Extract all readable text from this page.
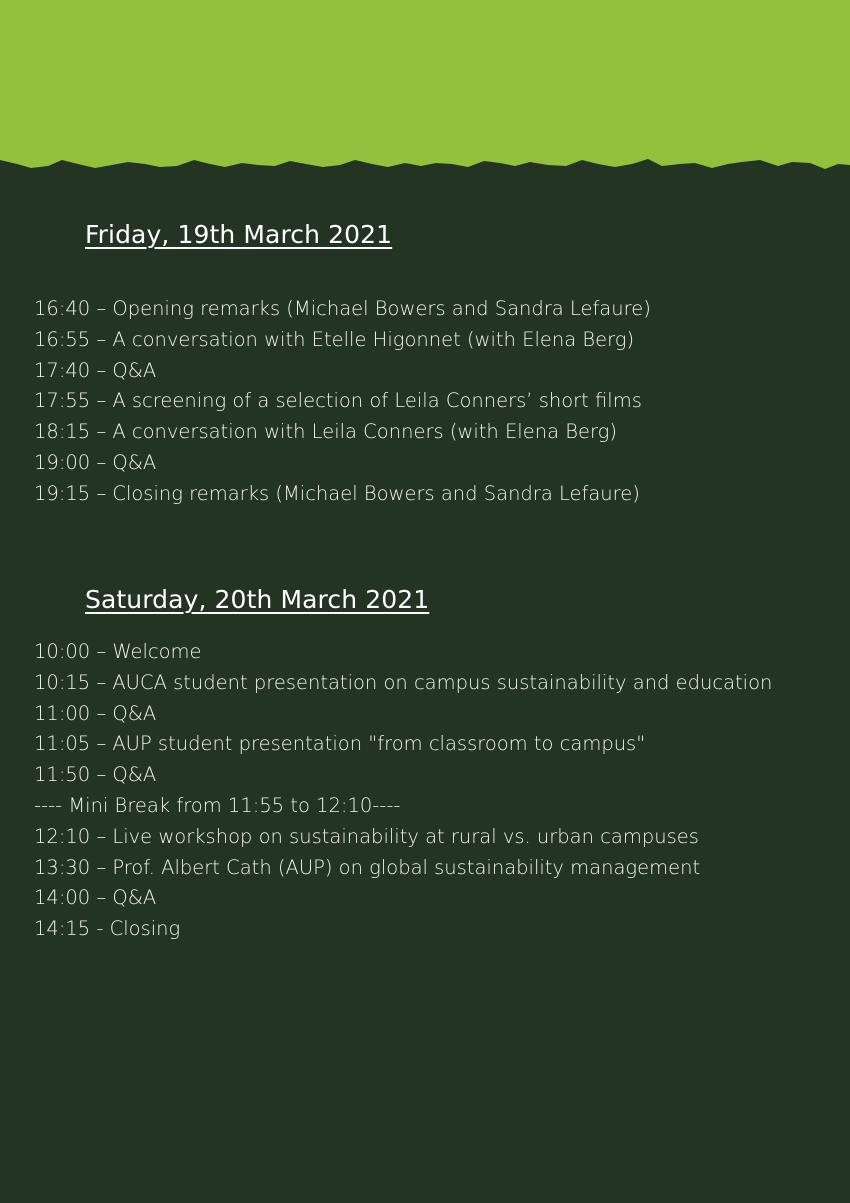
Friday, 19th March 2021
16:40 – Opening remarks (Michael Bowers and Sandra Lefaure)
16:55 – A conversation with Etelle Higonnet (with Elena Berg)
17:40 – Q&A
17:55 – A screening of a selection of Leila Conners’ short films
18:15 – A conversation with Leila Conners (with Elena Berg)
19:00 – Q&A
19:15 – Closing remarks (Michael Bowers and Sandra Lefaure)
Saturday, 20th March 2021
10:00 – Welcome
10:15 – AUCA student presentation on campus sustainability and education
11:00 – Q&A
11:05 – AUP student presentation "from classroom to campus"
11:50 – Q&A
---- Mini Break from 11:55 to 12:10----
12:10 – Live workshop on sustainability at rural vs. urban campuses
13:30 – Prof. Albert Cath (AUP) on global sustainability management
14:00 – Q&A
14:15 - Closing
